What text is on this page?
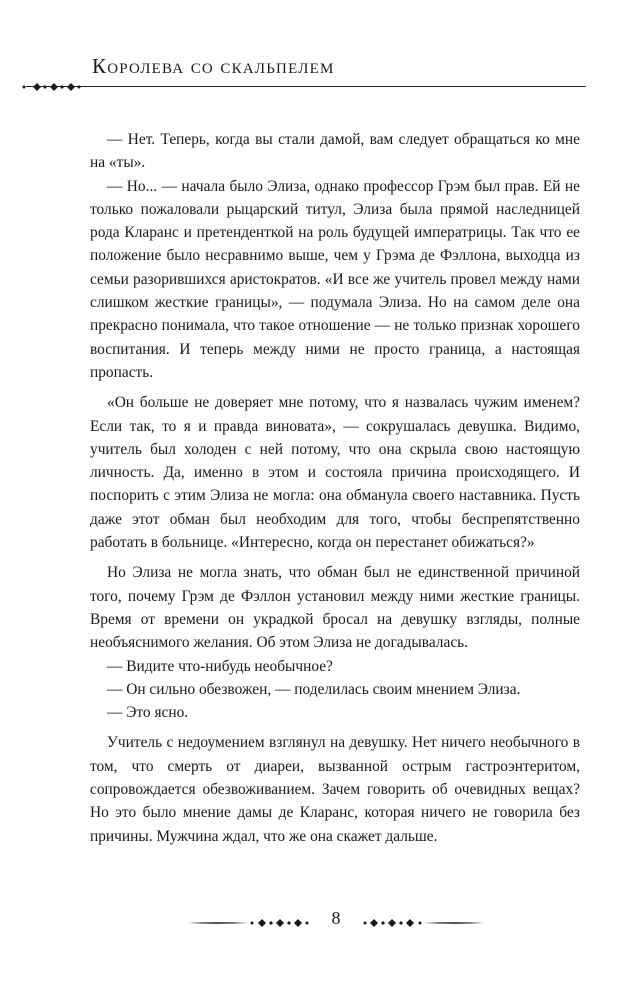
Королева со скальпелем

— Нет. Теперь, когда вы стали дамой, вам следует обращаться ко мне на «ты».

— Но... — начала было Элиза, однако профессор Грэм был прав. Ей не только пожаловали рыцарский титул, Элиза была прямой наследницей рода Кларанс и претенденткой на роль будущей императрицы. Так что ее положение было несравнимо выше, чем у Грэма де Фэллона, выходца из семьи разорившихся аристократов. «И все же учитель провел между нами слишком жесткие границы», — подумала Элиза. Но на самом деле она прекрасно понимала, что такое отношение — не только признак хорошего воспитания. И теперь между ними не просто граница, а настоящая пропасть.

«Он больше не доверяет мне потому, что я назвалась чужим именем? Если так, то я и правда виновата», — сокрушалась девушка. Видимо, учитель был холоден с ней потому, что она скрыла свою настоящую личность. Да, именно в этом и состояла причина происходящего. И поспорить с этим Элиза не могла: она обманула своего наставника. Пусть даже этот обман был необходим для того, чтобы беспрепятственно работать в больнице. «Интересно, когда он перестанет обижаться?»

Но Элиза не могла знать, что обман был не единственной причиной того, почему Грэм де Фэллон установил между ними жесткие границы. Время от времени он украдкой бросал на девушку взгляды, полные необъяснимого желания. Об этом Элиза не догадывалась.

— Видите что-нибудь необычное?

— Он сильно обезвожен, — поделилась своим мнением Элиза.

— Это ясно.

Учитель с недоумением взглянул на девушку. Нет ничего необычного в том, что смерть от диареи, вызванной острым гастроэнтеритом, сопровождается обезвоживанием. Зачем говорить об очевидных вещах? Но это было мнение дамы де Кларанс, которая ничего не говорила без причины. Мужчина ждал, что же она скажет дальше.

8
